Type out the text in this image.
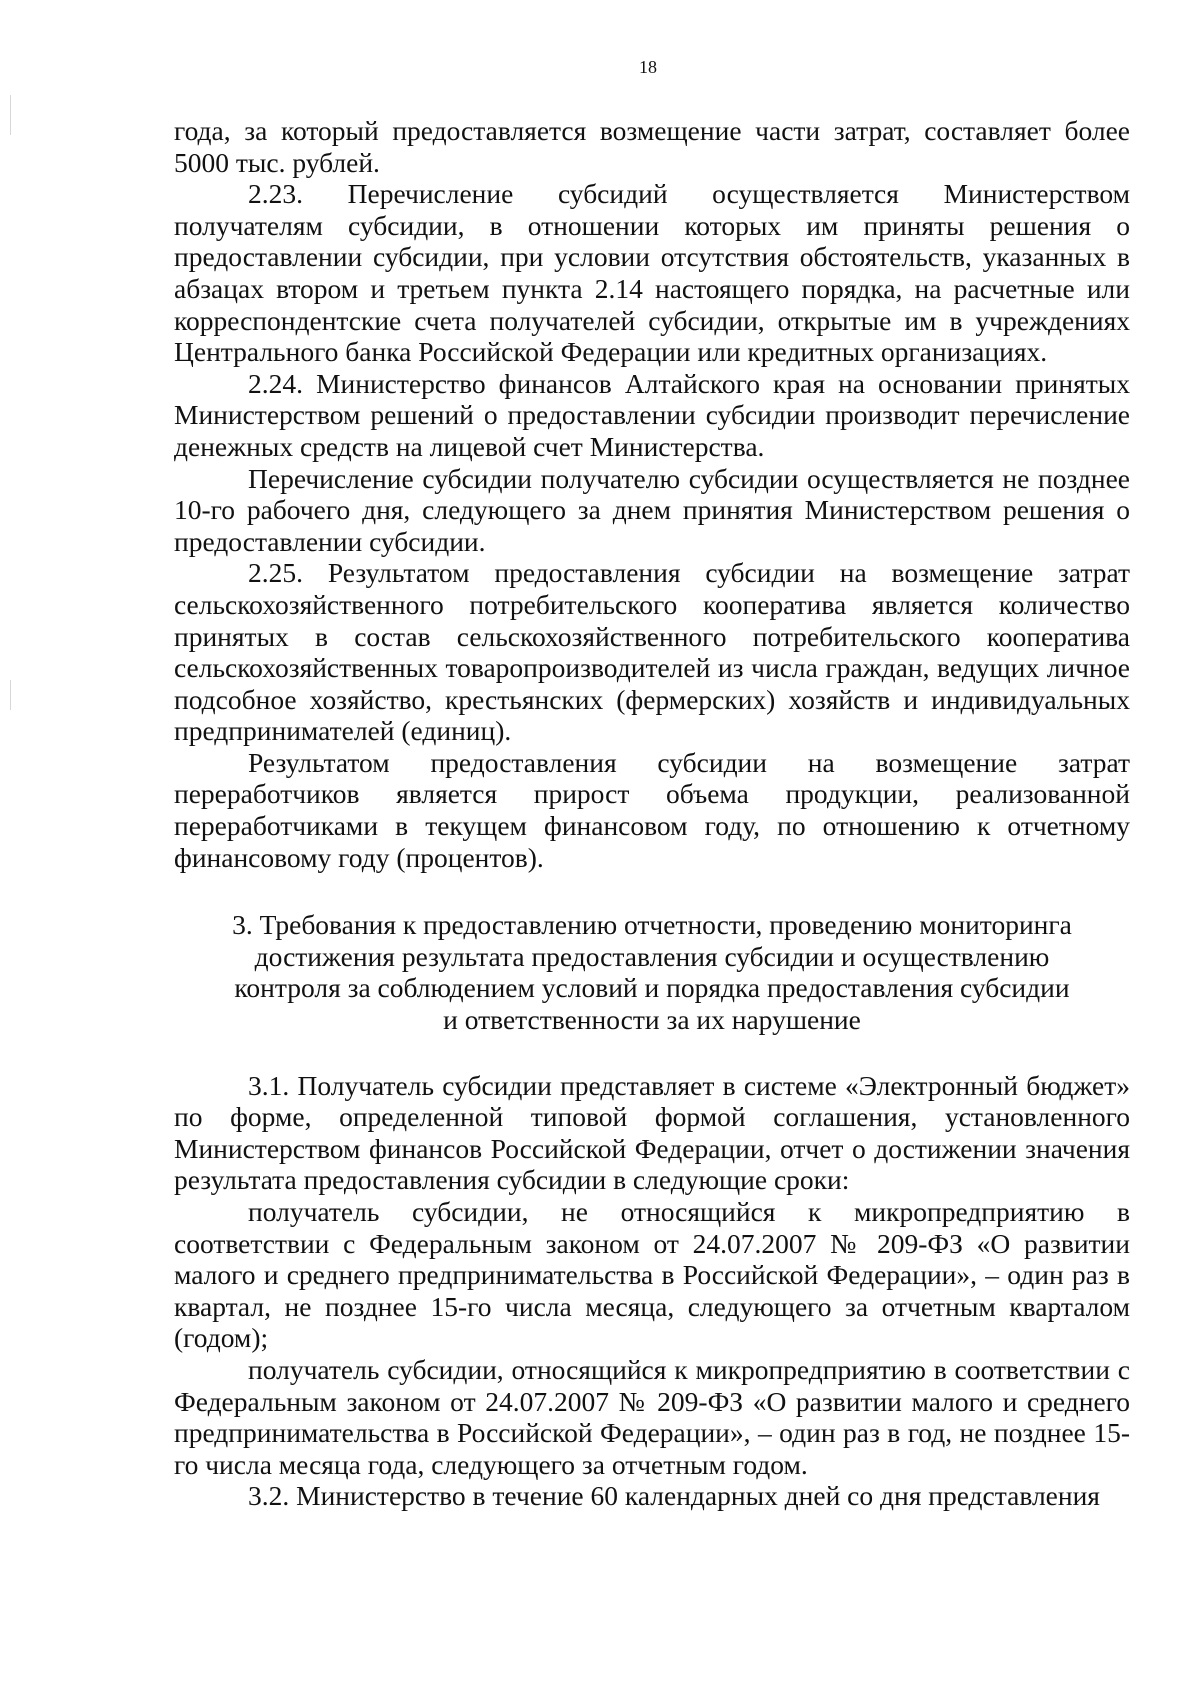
18

года, за который предоставляется возмещение части затрат, составляет более 5000 тыс. рублей.

2.23. Перечисление субсидий осуществляется Министерством получателям субсидии, в отношении которых им приняты решения о предоставлении субсидии, при условии отсутствия обстоятельств, указанных в абзацах втором и третьем пункта 2.14 настоящего порядка, на расчетные или корреспондентские счета получателей субсидии, открытые им в учреждениях Центрального банка Российской Федерации или кредитных организациях.

2.24. Министерство финансов Алтайского края на основании принятых Министерством решений о предоставлении субсидии производит перечисление денежных средств на лицевой счет Министерства.

Перечисление субсидии получателю субсидии осуществляется не позднее 10-го рабочего дня, следующего за днем принятия Министерством решения о предоставлении субсидии.

2.25. Результатом предоставления субсидии на возмещение затрат сельскохозяйственного потребительского кооператива является количество принятых в состав сельскохозяйственного потребительского кооператива сельскохозяйственных товаропроизводителей из числа граждан, ведущих личное подсобное хозяйство, крестьянских (фермерских) хозяйств и индивидуальных предпринимателей (единиц).

Результатом предоставления субсидии на возмещение затрат переработчиков является прирост объема продукции, реализованной переработчиками в текущем финансовом году, по отношению к отчетному финансовому году (процентов).

3. Требования к предоставлению отчетности, проведению мониторинга
достижения результата предоставления субсидии и осуществлению
контроля за соблюдением условий и порядка предоставления субсидии
и ответственности за их нарушение

3.1. Получатель субсидии представляет в системе «Электронный бюджет» по форме, определенной типовой формой соглашения, установленного Министерством финансов Российской Федерации, отчет о достижении значения результата предоставления субсидии в следующие сроки:

получатель субсидии, не относящийся к микропредприятию в соответствии с Федеральным законом от 24.07.2007 № 209-ФЗ «О развитии малого и среднего предпринимательства в Российской Федерации», – один раз в квартал, не позднее 15-го числа месяца, следующего за отчетным кварталом (годом);

получатель субсидии, относящийся к микропредприятию в соответствии с Федеральным законом от 24.07.2007 № 209-ФЗ «О развитии малого и среднего предпринимательства в Российской Федерации», – один раз в год, не позднее 15-го числа месяца года, следующего за отчетным годом.

3.2. Министерство в течение 60 календарных дней со дня представления
